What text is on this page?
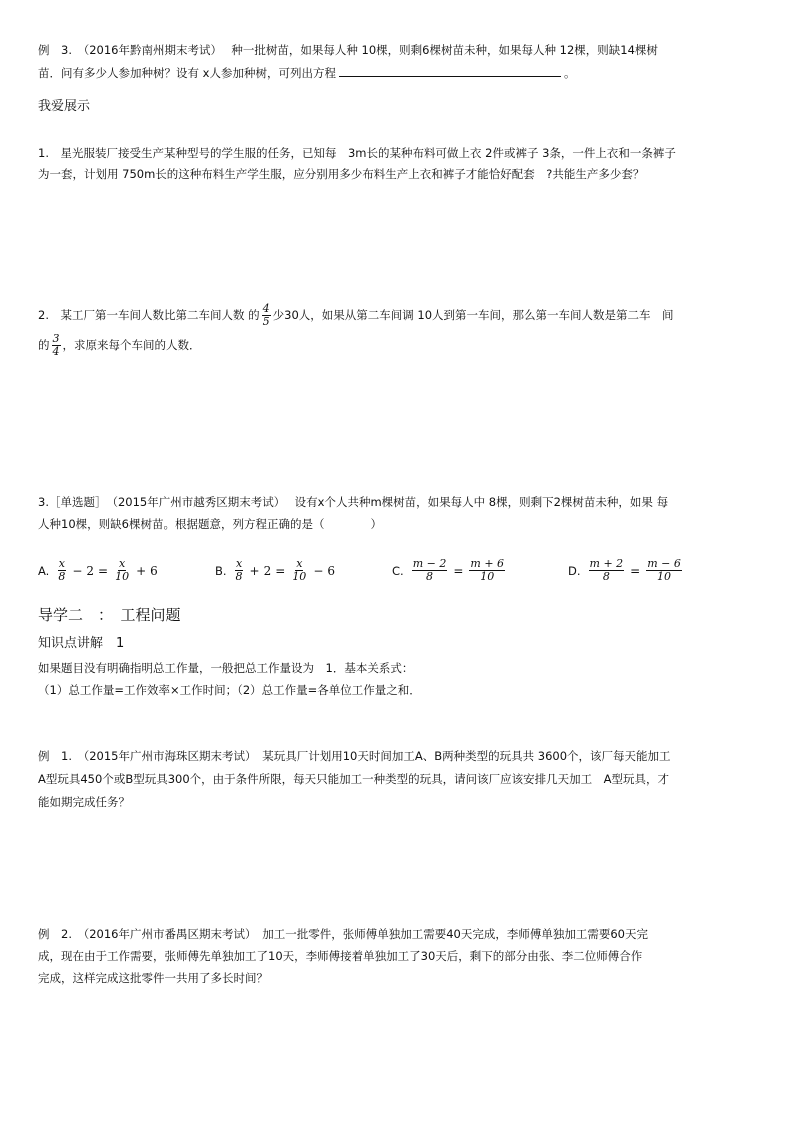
例　3.　（2016年黔南州期末考试）　 种一批树苗，如果每人种 10棵，则剩6棵树苗未种，如果每人种 12棵，则缺14棵树
苗．问有多少人参加种树？设有 x人参加种树，可列出方程	。
我爱展示
1.　星光服装厂接受生产某种型号的学生服的任务，已知每　3m长的某种布料可做上衣 2件或裤子 3条，一件上衣和一条裤子
为一套，计划用 750m长的这种布料生产学生服，应分别用多少布料生产上衣和裤子才能恰好配套　?共能生产多少套？
2.　某工厂第一车间人数比第二车间人数 的 $\frac{4}{5}$ 少30人，如果从第二车间调 10人到第一车间，那么第一车间人数是第二车　间
的 $\frac{3}{4}$ ，求原来每个车间的人数．
3.［单选题］　（2015年广州市越秀区期末考试）　 设有x个人共种m棵树苗，如果每人中 8棵，则剩下2棵树苗未种，如果 每
人种10棵，则缺6棵树苗。根据题意，列方程正确的是（　　　　）
A. $\frac{x}{8} - 2 = \frac{x}{10} + 6$	B. $\frac{x}{8} + 2 = \frac{x}{10} - 6$	C. $\frac{m - 2}{8} = \frac{m + 6}{10}$	D. $\frac{m + 2}{8} = \frac{m - 6}{10}$
导学二　：　工程问题
知识点讲解　1
如果题目没有明确指明总工作量，一般把总工作量设为　1．基本关系式：
（1）总工作量=工作效率×工作时间；（2）总工作量=各单位工作量之和．
例　1.　（2015年广州市海珠区期末考试）　某玩具厂计划用10天时间加工A、B两种类型的玩具共 3600个，该厂每天能加工
A型玩具450个或B型玩具300个，由于条件所限，每天只能加工一种类型的玩具，请问该厂应该安排几天加工　A型玩具，才
能如期完成任务？
例　2.　（2016年广州市番禺区期末考试）　加工一批零件，张师傅单独加工需要40天完成，李师傅单独加工需要60天完
成，现在由于工作需要，张师傅先单独加工了10天，李师傅接着单独加工了30天后，剩下的部分由张、李二位师傅合作
完成，这样完成这批零件一共用了多长时间？
